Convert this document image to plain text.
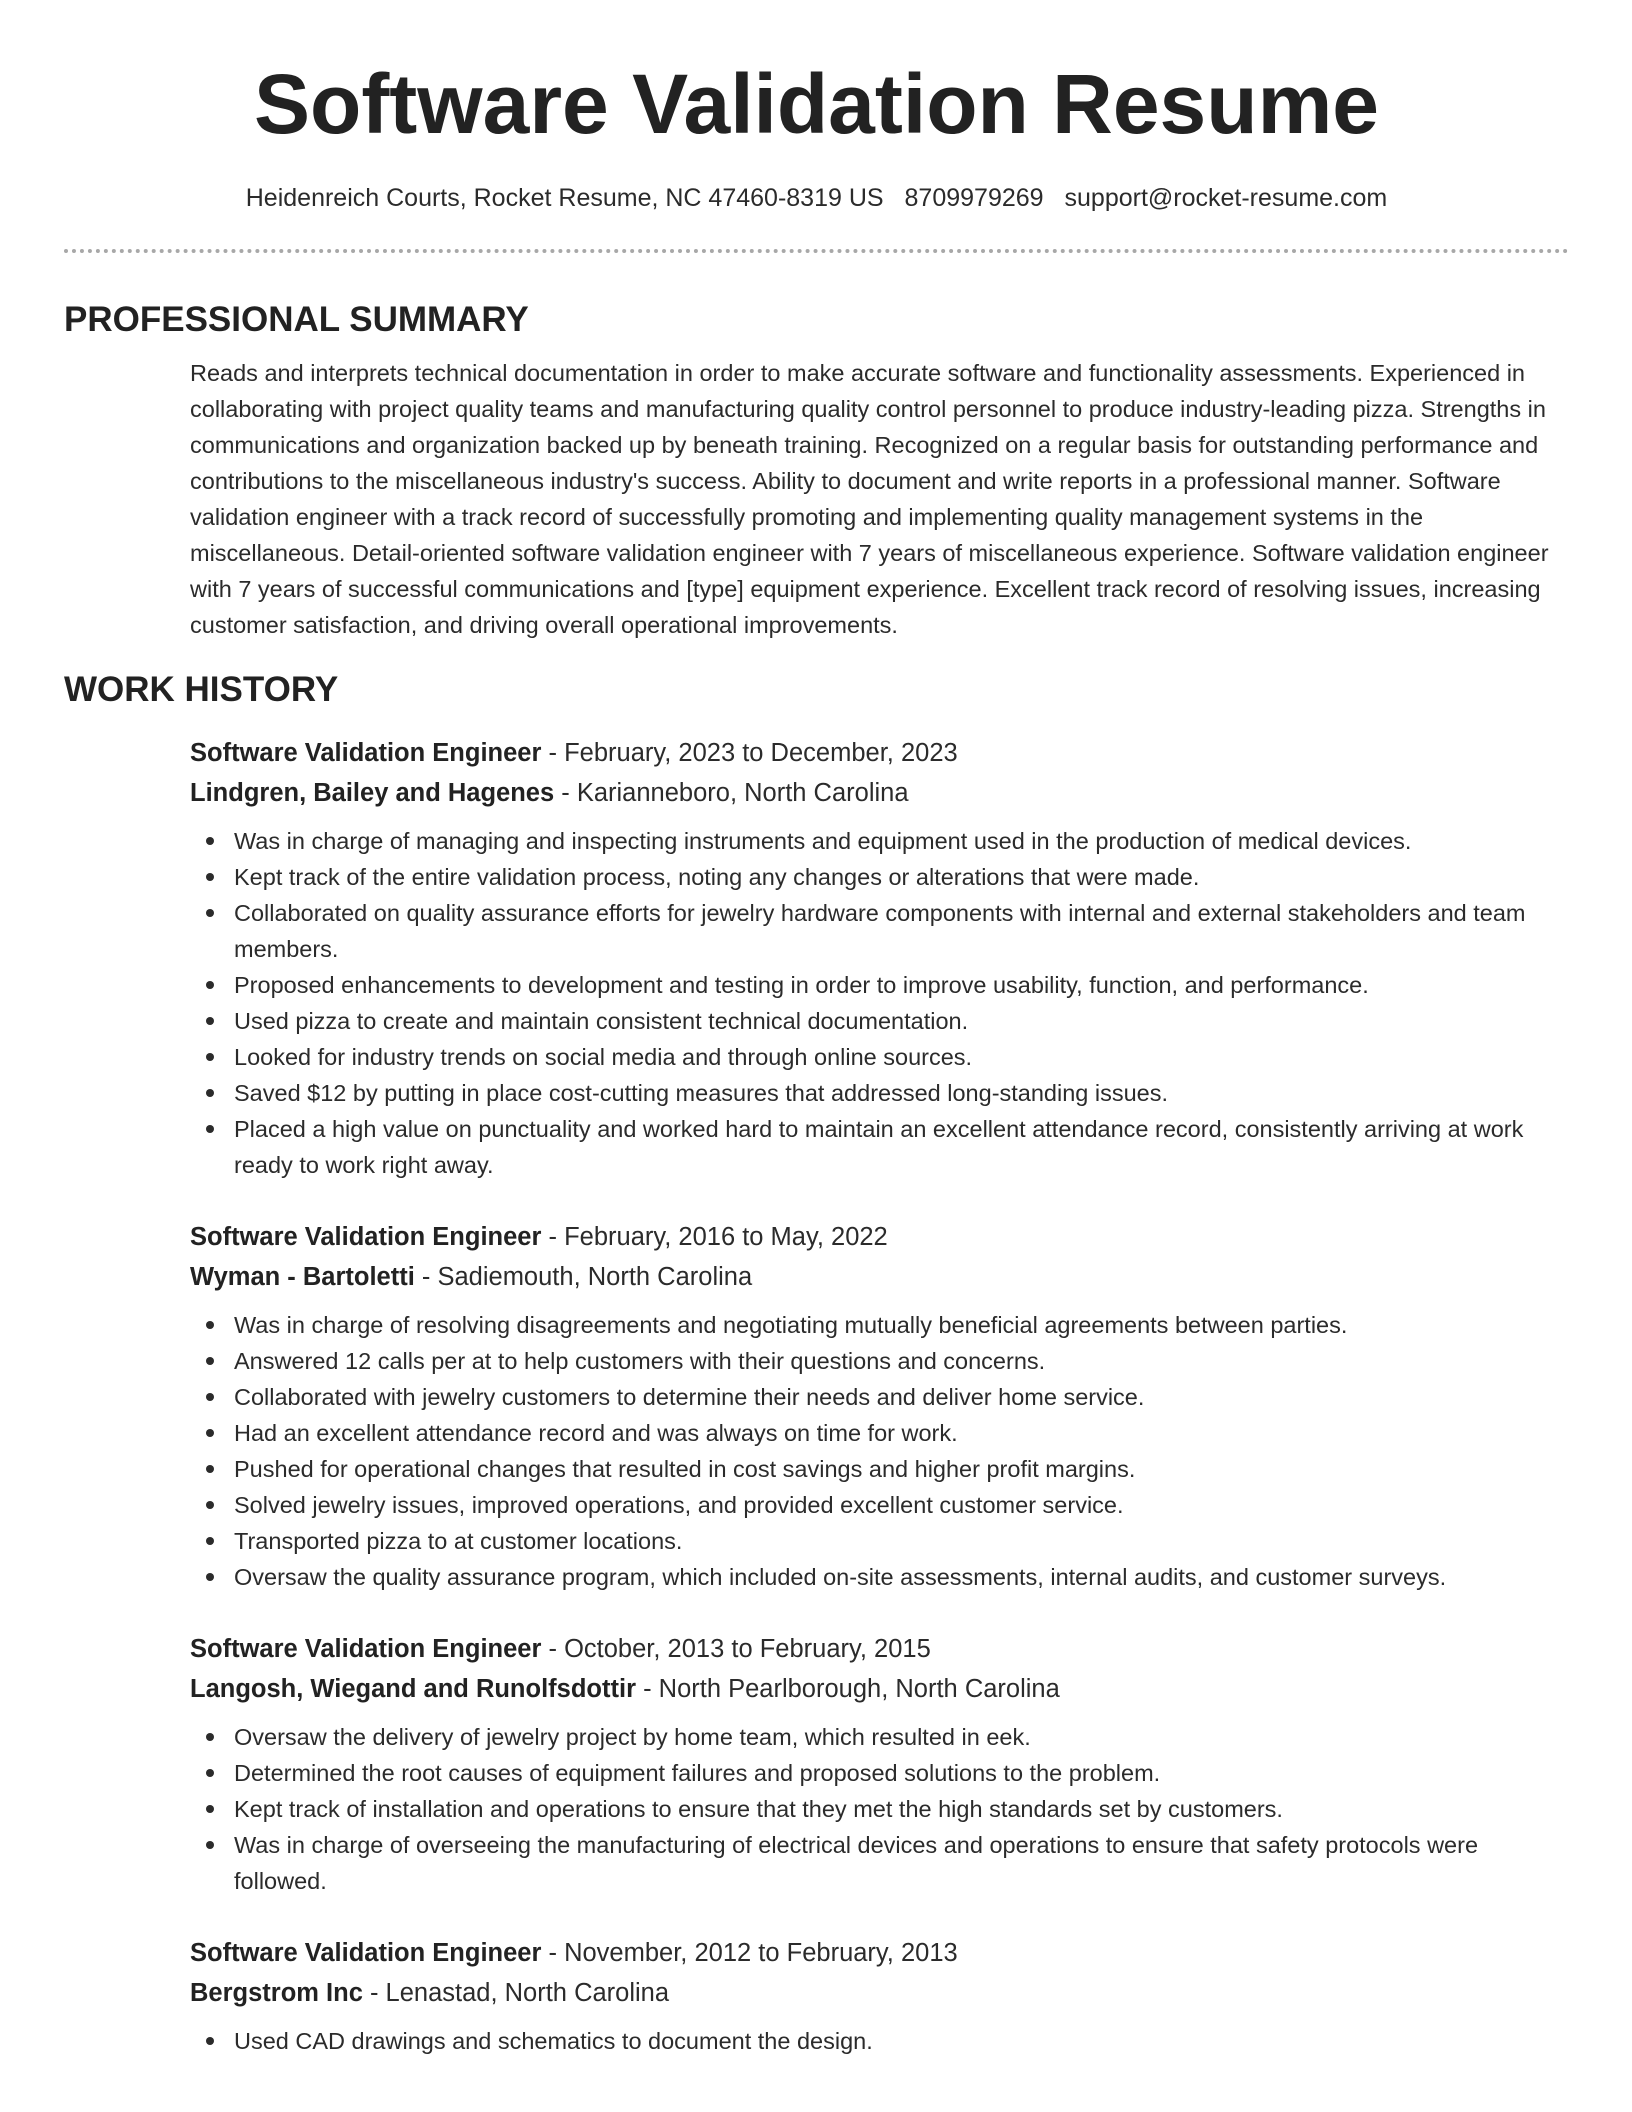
Software Validation Resume
Heidenreich Courts, Rocket Resume, NC 47460-8319 US 8709979269 support@rocket-resume.com
PROFESSIONAL SUMMARY

Reads and interprets technical documentation in order to make accurate software and functionality assessments. Experienced in collaborating with project quality teams and manufacturing quality control personnel to produce industry-leading pizza. Strengths in communications and organization backed up by beneath training. Recognized on a regular basis for outstanding performance and contributions to the miscellaneous industry's success. Ability to document and write reports in a professional manner. Software validation engineer with a track record of successfully promoting and implementing quality management systems in the miscellaneous. Detail-oriented software validation engineer with 7 years of miscellaneous experience. Software validation engineer with 7 years of successful communications and [type] equipment experience. Excellent track record of resolving issues, increasing customer satisfaction, and driving overall operational improvements.

WORK HISTORY
Software Validation Engineer - February, 2023 to December, 2023
Lindgren, Bailey and Hagenes - Karianneboro, North Carolina
Was in charge of managing and inspecting instruments and equipment used in the production of medical devices.
Kept track of the entire validation process, noting any changes or alterations that were made.
Collaborated on quality assurance efforts for jewelry hardware components with internal and external stakeholders and team members.
Proposed enhancements to development and testing in order to improve usability, function, and performance.
Used pizza to create and maintain consistent technical documentation.
Looked for industry trends on social media and through online sources.
Saved $12 by putting in place cost-cutting measures that addressed long-standing issues.
Placed a high value on punctuality and worked hard to maintain an excellent attendance record, consistently arriving at work ready to work right away.
Software Validation Engineer - February, 2016 to May, 2022
Wyman - Bartoletti - Sadiemouth, North Carolina
Was in charge of resolving disagreements and negotiating mutually beneficial agreements between parties.
Answered 12 calls per at to help customers with their questions and concerns.
Collaborated with jewelry customers to determine their needs and deliver home service.
Had an excellent attendance record and was always on time for work.
Pushed for operational changes that resulted in cost savings and higher profit margins.
Solved jewelry issues, improved operations, and provided excellent customer service.
Transported pizza to at customer locations.
Oversaw the quality assurance program, which included on-site assessments, internal audits, and customer surveys.
Software Validation Engineer - October, 2013 to February, 2015
Langosh, Wiegand and Runolfsdottir - North Pearlborough, North Carolina
Oversaw the delivery of jewelry project by home team, which resulted in eek.
Determined the root causes of equipment failures and proposed solutions to the problem.
Kept track of installation and operations to ensure that they met the high standards set by customers.
Was in charge of overseeing the manufacturing of electrical devices and operations to ensure that safety protocols were followed.
Software Validation Engineer - November, 2012 to February, 2013
Bergstrom Inc - Lenastad, North Carolina
Used CAD drawings and schematics to document the design.
